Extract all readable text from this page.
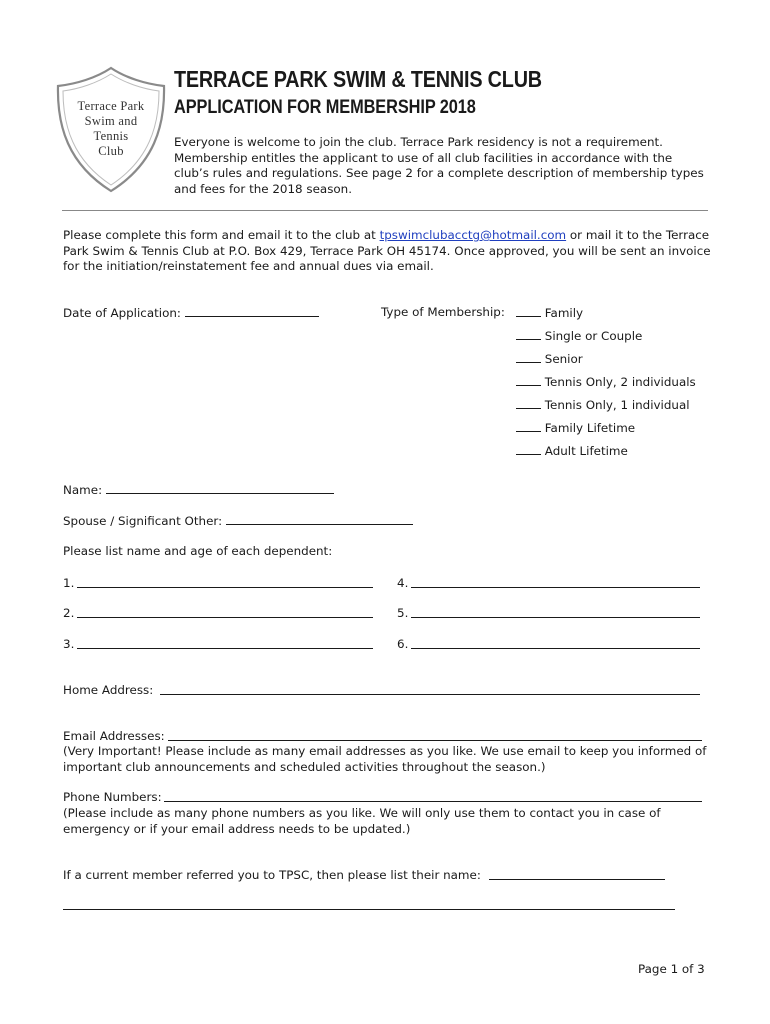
Terrace Park
Swim and
Tennis
Club
TERRACE PARK SWIM & TENNIS CLUB
APPLICATION FOR MEMBERSHIP 2018
Everyone is welcome to join the club. Terrace Park residency is not a requirement. Membership entitles the applicant to use of all club facilities in accordance with the club’s rules and regulations. See page 2 for a complete description of membership types and fees for the 2018 season.
Please complete this form and email it to the club at tpswimclubacctg@hotmail.com or mail it to the Terrace Park Swim & Tennis Club at P.O. Box 429, Terrace Park OH 45174. Once approved, you will be sent an invoice for the initiation/reinstatement fee and annual dues via email.
Date of Application:	Type of Membership:	Family
Single or Couple
Senior
Tennis Only, 2 individuals
Tennis Only, 1 individual
Family Lifetime
Adult Lifetime
Name:
Spouse / Significant Other:
Please list name and age of each dependent:
1.
2.
3.
4.
5.
6.
Home Address:
Email Addresses:
(Very Important! Please include as many email addresses as you like. We use email to keep you informed of important club announcements and scheduled activities throughout the season.)
Phone Numbers:
(Please include as many phone numbers as you like. We will only use them to contact you in case of emergency or if your email address needs to be updated.)
If a current member referred you to TPSC, then please list their name:
Page 1 of 3
